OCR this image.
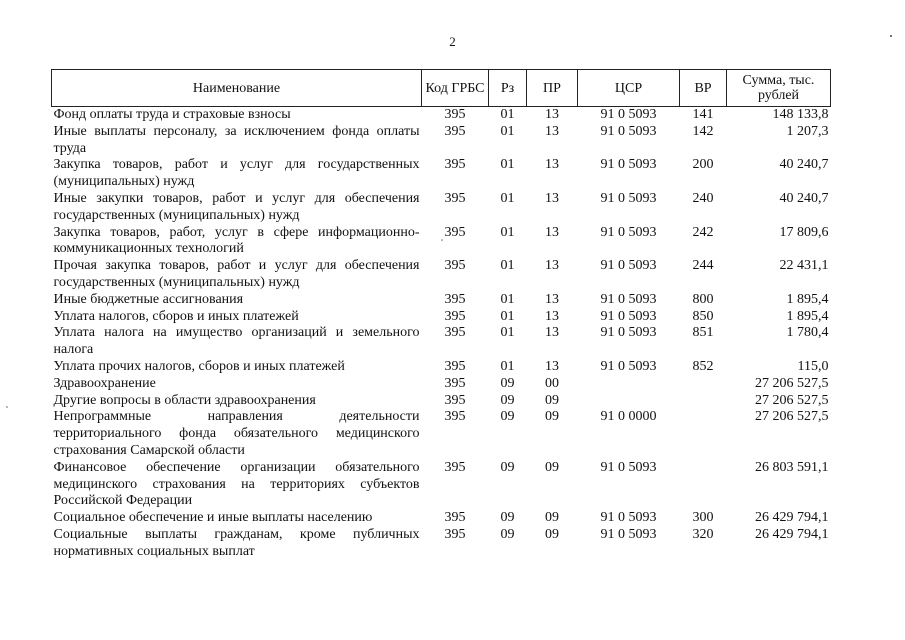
2
Наименование	Код ГРБС	Рз	ПР	ЦСР	ВР	Сумма, тыс. рублей
Фонд оплаты труда и страховые взносы	395	01	13	91 0 5093	141	148 133,8
Иные выплаты персоналу, за исключением фонда оплаты труда	395	01	13	91 0 5093	142	1 207,3
Закупка товаров, работ и услуг для государственных (муниципальных) нужд	395	01	13	91 0 5093	200	40 240,7
Иные закупки товаров, работ и услуг для обеспечения государственных (муниципальных) нужд	395	01	13	91 0 5093	240	40 240,7
Закупка товаров, работ, услуг в сфере информационно-коммуникационных технологий	395	01	13	91 0 5093	242	17 809,6
Прочая закупка товаров, работ и услуг для обеспечения государственных (муниципальных) нужд	395	01	13	91 0 5093	244	22 431,1
Иные бюджетные ассигнования	395	01	13	91 0 5093	800	1 895,4
Уплата налогов, сборов и иных платежей	395	01	13	91 0 5093	850	1 895,4
Уплата налога на имущество организаций и земельного налога	395	01	13	91 0 5093	851	1 780,4
Уплата прочих налогов, сборов и иных платежей	395	01	13	91 0 5093	852	115,0
Здравоохранение	395	09	00			27 206 527,5
Другие вопросы в области здравоохранения	395	09	09			27 206 527,5
Непрограммные направления деятельности территориального фонда обязательного медицинского страхования Самарской области	395	09	09	91 0 0000		27 206 527,5
Финансовое обеспечение организации обязательного медицинского страхования на территориях субъектов Российской Федерации	395	09	09	91 0 5093		26 803 591,1
Социальное обеспечение и иные выплаты населению	395	09	09	91 0 5093	300	26 429 794,1
Социальные выплаты гражданам, кроме публичных нормативных социальных выплат	395	09	09	91 0 5093	320	26 429 794,1
